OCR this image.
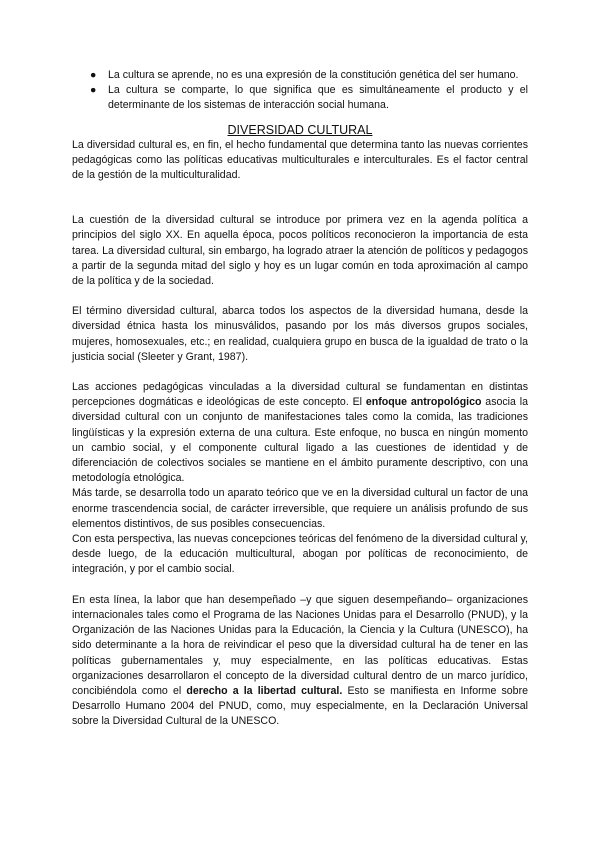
● La cultura se aprende, no es una expresión de la constitución genética del ser humano.
● La cultura se comparte, lo que significa que es simultáneamente el producto y el determinante de los sistemas de interacción social humana.
DIVERSIDAD CULTURAL

La diversidad cultural es, en fin, el hecho fundamental que determina tanto las nuevas corrientes pedagógicas como las políticas educativas multiculturales e interculturales. Es el factor central de la gestión de la multiculturalidad.

La cuestión de la diversidad cultural se introduce por primera vez en la agenda política a principios del siglo XX. En aquella época, pocos políticos reconocieron la importancia de esta tarea. La diversidad cultural, sin embargo, ha logrado atraer la atención de políticos y pedagogos a partir de la segunda mitad del siglo y hoy es un lugar común en toda aproximación al campo de la política y de la sociedad.

El término diversidad cultural, abarca todos los aspectos de la diversidad humana, desde la diversidad étnica hasta los minusválidos, pasando por los más diversos grupos sociales, mujeres, homosexuales, etc.; en realidad, cualquiera grupo en busca de la igualdad de trato o la justicia social (Sleeter y Grant, 1987).

Las acciones pedagógicas vinculadas a la diversidad cultural se fundamentan en distintas percepciones dogmáticas e ideológicas de este concepto. El enfoque antropológico asocia la diversidad cultural con un conjunto de manifestaciones tales como la comida, las tradiciones lingüísticas y la expresión externa de una cultura. Este enfoque, no busca en ningún momento un cambio social, y el componente cultural ligado a las cuestiones de identidad y de diferenciación de colectivos sociales se mantiene en el ámbito puramente descriptivo, con una metodología etnológica.

Más tarde, se desarrolla todo un aparato teórico que ve en la diversidad cultural un factor de una enorme trascendencia social, de carácter irreversible, que requiere un análisis profundo de sus elementos distintivos, de sus posibles consecuencias.

Con esta perspectiva, las nuevas concepciones teóricas del fenómeno de la diversidad cultural y, desde luego, de la educación multicultural, abogan por políticas de reconocimiento, de integración, y por el cambio social.

En esta línea, la labor que han desempeñado –y que siguen desempeñando– organizaciones internacionales tales como el Programa de las Naciones Unidas para el Desarrollo (PNUD), y la Organización de las Naciones Unidas para la Educación, la Ciencia y la Cultura (UNESCO), ha sido determinante a la hora de reivindicar el peso que la diversidad cultural ha de tener en las políticas gubernamentales y, muy especialmente, en las políticas educativas. Estas organizaciones desarrollaron el concepto de la diversidad cultural dentro de un marco jurídico, concibiéndola como el derecho a la libertad cultural. Esto se manifiesta en Informe sobre Desarrollo Humano 2004 del PNUD, como, muy especialmente, en la Declaración Universal sobre la Diversidad Cultural de la UNESCO.
